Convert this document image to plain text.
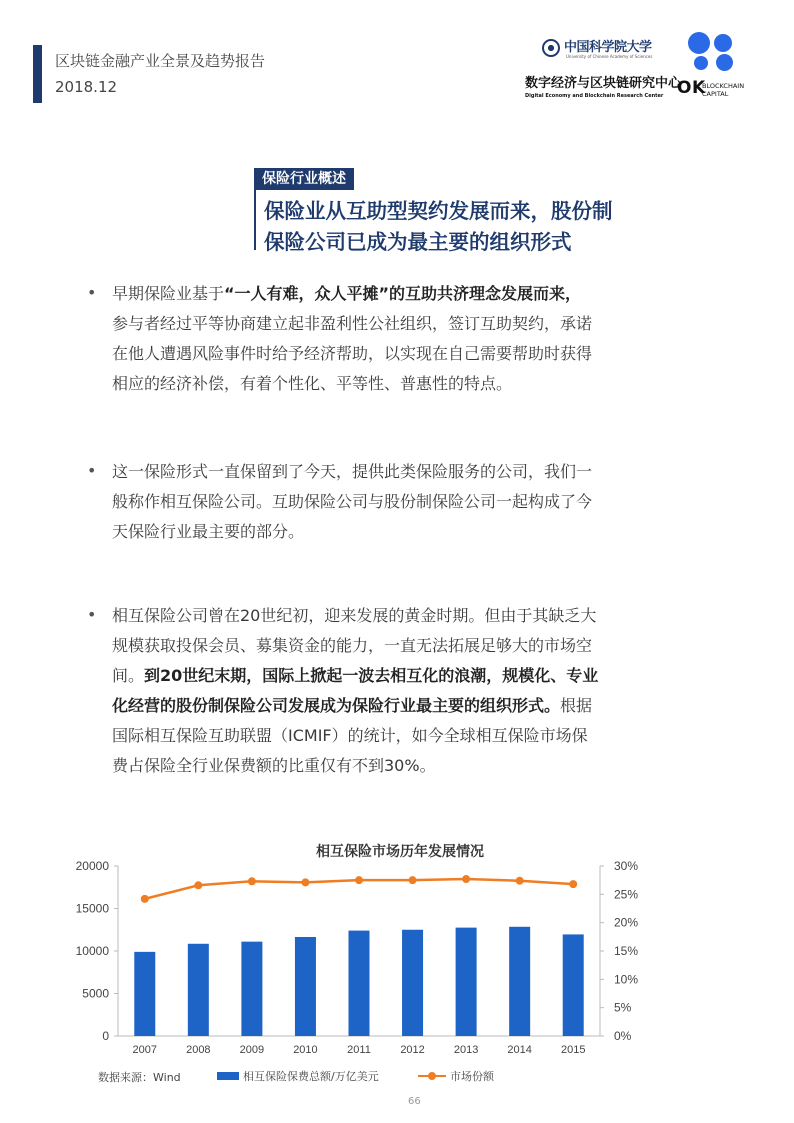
区块链金融产业全景及趋势报告
2018.12
中国科学院大学
University of Chinese Academy of Sciences
数字经济与区块链研究中心
Digital Economy and Blockchain Research Center OK
BLOCKCHAIN
CAPITAL
保险行业概述
保险业从互助型契约发展而来，股份制
保险公司已成为最主要的组织形式
• 早期保险业基于“一人有难，众人平摊”的互助共济理念发展而来，
参与者经过平等协商建立起非盈利性公社组织，签订互助契约，承诺
在他人遭遇风险事件时给予经济帮助，以实现在自己需要帮助时获得
相应的经济补偿，有着个性化、平等性、普惠性的特点。
• 这一保险形式一直保留到了今天，提供此类保险服务的公司，我们一
般称作相互保险公司。互助保险公司与股份制保险公司一起构成了今
天保险行业最主要的部分。
• 相互保险公司曾在20世纪初，迎来发展的黄金时期。但由于其缺乏大
规模获取投保会员、募集资金的能力，一直无法拓展足够大的市场空
间。到20世纪末期，国际上掀起一波去相互化的浪潮，规模化、专业
化经营的股份制保险公司发展成为保险行业最主要的组织形式。根据
国际相互保险互助联盟（ICMIF）的统计，如今全球相互保险市场保
费占保险全行业保费额的比重仅有不到30%。
相互保险市场历年发展情况
0
5000
10000
15000
20000
0%
5%
10%
15%
20%
25%
30%
2007	2008	2009	2010	2011	2012	2013	2014	2015
数据来源：Wind	相互保险保费总额/万亿美元	市场份额
66
